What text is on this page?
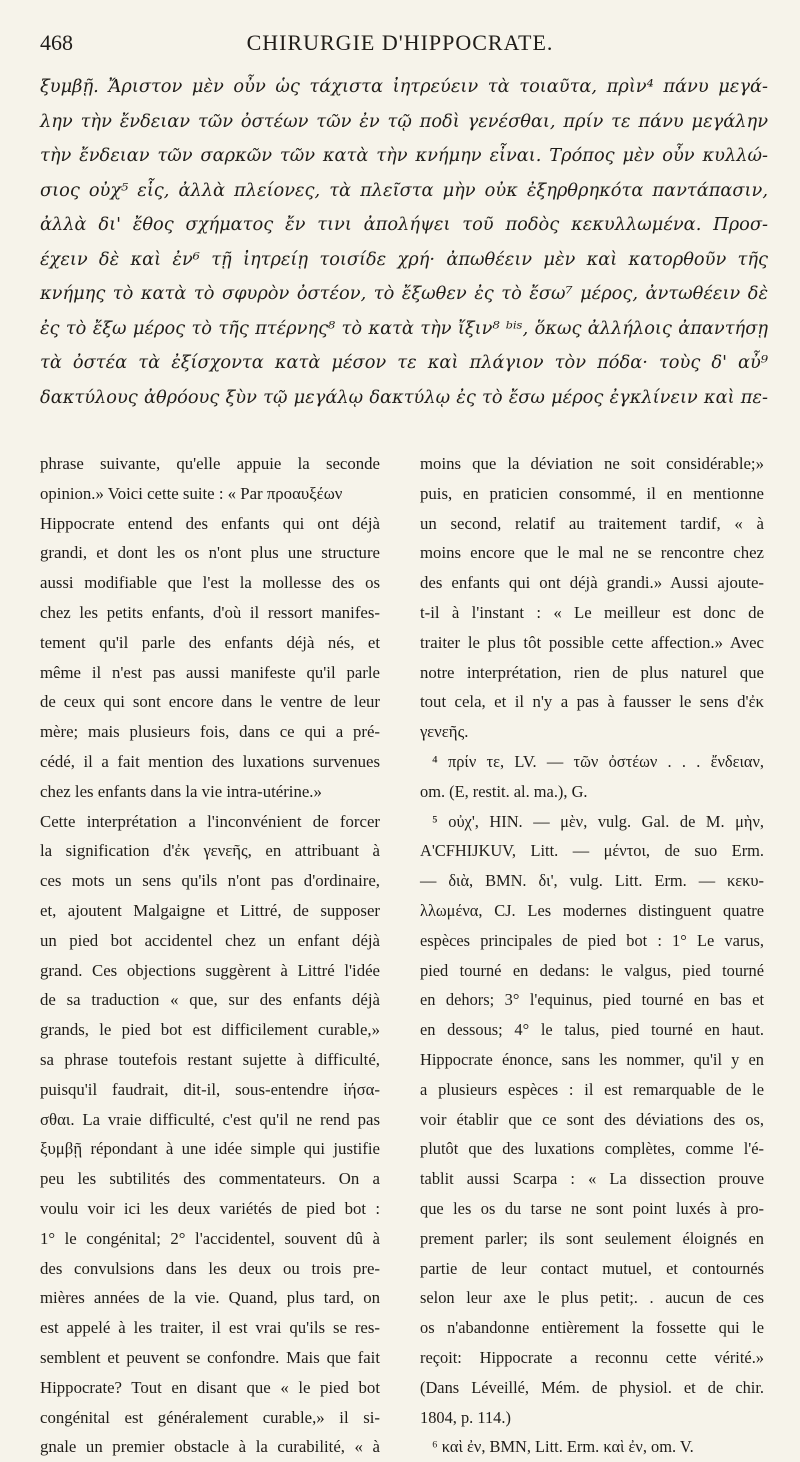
468	CHIRURGIE D'HIPPOCRATE.
ξυμβῇ. Ἄριστον μὲν οὖν ὡς τάχιστα ἰητρεύειν τὰ τοιαῦτα, πρὶν⁴ πάνυ μεγά-
λην τὴν ἔνδειαν τῶν ὀστέων τῶν ἐν τῷ ποδὶ γενέσθαι, πρίν τε πάνυ μεγάλην
τὴν ἔνδειαν τῶν σαρκῶν τῶν κατὰ τὴν κνήμην εἶναι. Τρόπος μὲν οὖν κυλλώ-
σιος οὐχ⁵ εἷς, ἀλλὰ πλείονες, τὰ πλεῖστα μὴν οὐκ ἐξηρθρηκότα παντάπασιν,
ἀλλὰ δι' ἔθος σχήματος ἔν τινι ἀπολήψει τοῦ ποδὸς κεκυλλωμένα. Προσ-
έχειν δὲ καὶ ἐν⁶ τῇ ἰητρείῃ τοισίδε χρή· ἀπωθέειν μὲν καὶ κατορθοῦν τῆς
κνήμης τὸ κατὰ τὸ σφυρὸν ὀστέον, τὸ ἔξωθεν ἐς τὸ ἔσω⁷ μέρος, ἀντωθέειν δὲ
ἐς τὸ ἔξω μέρος τὸ τῆς πτέρνης⁸ τὸ κατὰ τὴν ἴξιν⁸ ᵇⁱˢ, ὅκως ἀλλήλοις ἀπαντήσῃ
τὰ ὀστέα τὰ ἐξίσχοντα κατὰ μέσον τε καὶ πλάγιον τὸν πόδα· τοὺς δ' αὖ⁹
δακτύλους ἀθρόους ξὺν τῷ μεγάλῳ δακτύλῳ ἐς τὸ ἔσω μέρος ἐγκλίνειν καὶ πε-
phrase suivante, qu'elle appuie la seconde
opinion.» Voici cette suite : « Par προαυξέων
Hippocrate entend des enfants qui ont déjà
grandi, et dont les os n'ont plus une structure
aussi modifiable que l'est la mollesse des os
chez les petits enfants, d'où il ressort manifes-
tement qu'il parle des enfants déjà nés, et
même il n'est pas aussi manifeste qu'il parle
de ceux qui sont encore dans le ventre de leur
mère; mais plusieurs fois, dans ce qui a pré-
cédé, il a fait mention des luxations survenues
chez les enfants dans la vie intra-utérine.»
Cette interprétation a l'inconvénient de forcer
la signification d'ἐκ γενεῆς, en attribuant à
ces mots un sens qu'ils n'ont pas d'ordinaire,
et, ajoutent Malgaigne et Littré, de supposer
un pied bot accidentel chez un enfant déjà
grand. Ces objections suggèrent à Littré l'idée
de sa traduction « que, sur des enfants déjà
grands, le pied bot est difficilement curable,»
sa phrase toutefois restant sujette à difficulté,
puisqu'il faudrait, dit-il, sous-entendre ἰήσα-
σθαι. La vraie difficulté, c'est qu'il ne rend pas
ξυμβῇ répondant à une idée simple qui justifie
peu les subtilités des commentateurs. On a
voulu voir ici les deux variétés de pied bot :
1° le congénital; 2° l'accidentel, souvent dû à
des convulsions dans les deux ou trois pre-
mières années de la vie. Quand, plus tard, on
est appelé à les traiter, il est vrai qu'ils se res-
semblent et peuvent se confondre. Mais que fait
Hippocrate? Tout en disant que « le pied bot
congénital est généralement curable,» il si-
gnale un premier obstacle à la curabilité, « à
moins que la déviation ne soit considérable;»
puis, en praticien consommé, il en mentionne
un second, relatif au traitement tardif, « à
moins encore que le mal ne se rencontre chez
des enfants qui ont déjà grandi.» Aussi ajoute-
t-il à l'instant : « Le meilleur est donc de
traiter le plus tôt possible cette affection.» Avec
notre interprétation, rien de plus naturel que
tout cela, et il n'y a pas à fausser le sens d'ἐκ
γενεῆς.
⁴ πρίν τε, LV. — τῶν ὀστέων . . . ἔνδειαν,
om. (E, restit. al. ma.), G.
⁵ οὐχ', HIN. — μὲν, vulg. Gal. de M. μὴν,
A'CFHIJKUV, Litt. — μέντοι, de suo Erm.
— διὰ, BMN. δι', vulg. Litt. Erm. — κεκυ-
λλωμένα, CJ. Les modernes distinguent quatre
espèces principales de pied bot : 1° Le varus,
pied tourné en dedans: le valgus, pied tourné
en dehors; 3° l'equinus, pied tourné en bas et
en dessous; 4° le talus, pied tourné en haut.
Hippocrate énonce, sans les nommer, qu'il y en
a plusieurs espèces : il est remarquable de le
voir établir que ce sont des déviations des os,
plutôt que des luxations complètes, comme l'é-
tablit aussi Scarpa : « La dissection prouve
que les os du tarse ne sont point luxés à pro-
prement parler; ils sont seulement éloignés en
partie de leur contact mutuel, et contournés
selon leur axe le plus petit;. . aucun de ces
os n'abandonne entièrement la fossette qui le
reçoit: Hippocrate a reconnu cette vérité.»
(Dans Léveillé, Mém. de physiol. et de chir.
1804, p. 114.)
⁶ καὶ ἐν, BMN, Litt. Erm. καὶ ἐν, om. V.
